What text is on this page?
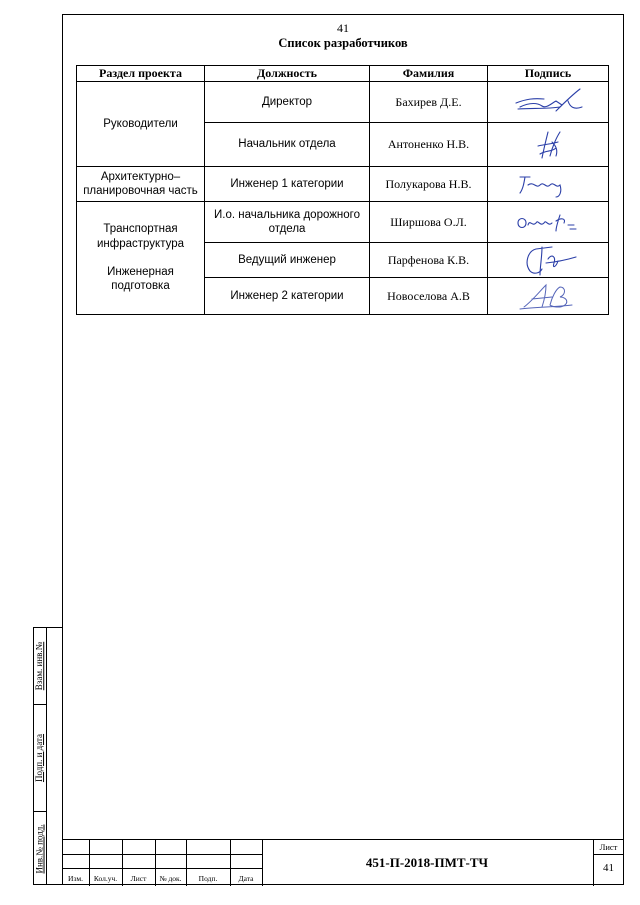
41
Список разработчиков
Раздел проекта	Должность	Фамилия	Подпись
Руководители	Директор	Бахирев Д.Е.	

	Начальник отдела	Антоненко Н.В.	

Архитектурно–планировочная часть	Инженер 1 категории	Полукарова Н.В.	

Транспортная инфраструктура
Инженерная подготовка	И.о. начальника дорожного отдела	Ширшова О.Л.	

	Ведущий инженер	Парфенова К.В.	

	Инженер 2 категории	Новоселова А.В	
Взам. инв.№
Подп. и дата
Инв.№ подл.
Изм.	Кол.уч.	Лист	№ док.	Подп.	Дата
451-П-2018-ПМТ-ТЧ
Лист
41
